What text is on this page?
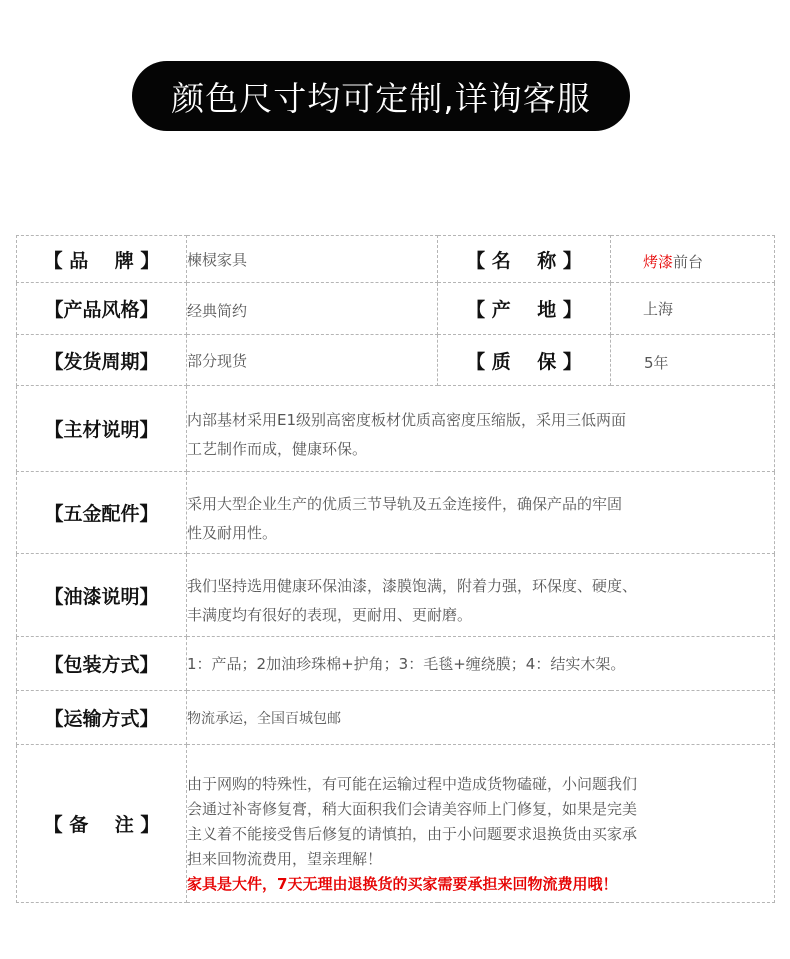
颜色尺寸均可定制,详询客服
【 品    牌 】	楝棂家具	【 名    称 】	烤漆前台
【产品风格】	经典简约	【 产    地 】	上海
【发货周期】	部分现货	【 质    保 】	5年
【主材说明】	内部基材采用E1级别高密度板材优质高密度压缩版，采用三低两面
工艺制作而成，健康环保。		

【五金配件】	采用大型企业生产的优质三节导轨及五金连接件，确保产品的牢固
性及耐用性。		

【油漆说明】	我们坚持选用健康环保油漆，漆膜饱满，附着力强，环保度、硬度、
丰满度均有很好的表现，更耐用、更耐磨。		

【包装方式】	1：产品；2加油珍珠棉+护角；3：毛毯+缠绕膜；4：结实木架。		
【运输方式】	物流承运，全国百城包邮		
【 备    注 】	由于网购的特殊性，有可能在运输过程中造成货物磕碰，小问题我们
会通过补寄修复膏，稍大面积我们会请美容师上门修复，如果是完美
主义着不能接受售后修复的请慎拍，由于小问题要求退换货由买家承
担来回物流费用，望亲理解！
家具是大件，7天无理由退换货的买家需要承担来回物流费用哦！		
